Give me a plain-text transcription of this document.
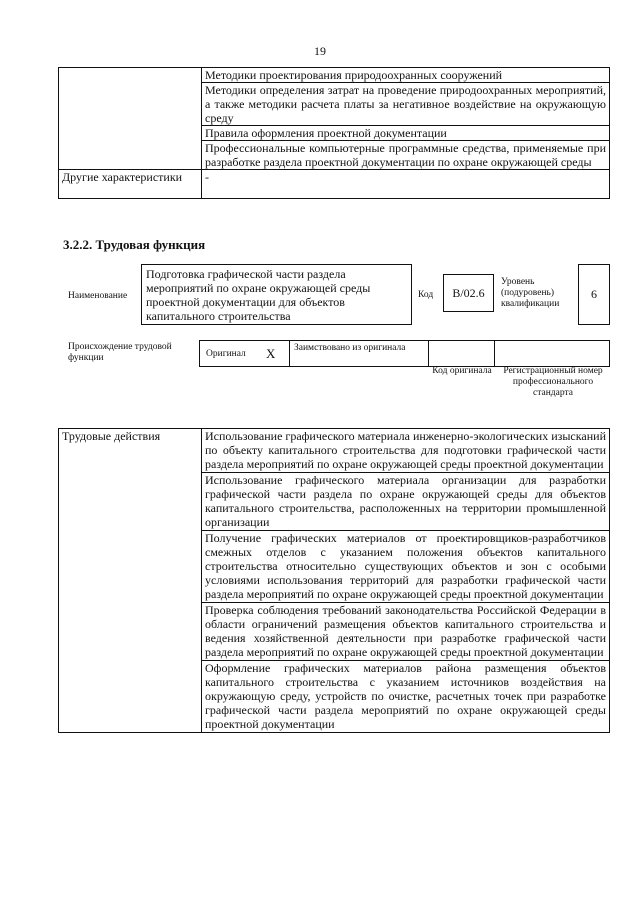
19
	Методики проектирования природоохранных сооружений
	Методики определения затрат на проведение природоохранных мероприятий, а также методики расчета платы за негативное воздействие на окружающую среду
	Правила оформления проектной документации
	Профессиональные компьютерные программные средства, применяемые при разработке раздела проектной документации по охране окружающей среды
Другие характеристики	-
3.2.2. Трудовая функция
Наименование
Подготовка графической части раздела мероприятий по охране окружающей среды проектной документации для объектов капитального строительства
Код	B/02.6
Уровень (подуровень) квалификации
6
Происхождение трудовой функции	Оригинал X Заимствовано из оригинала
Код оригинала	Регистрационный номер профессионального стандарта
Трудовые действия	Использование графического материала инженерно-экологических изысканий по объекту капитального строительства для подготовки графической части раздела мероприятий по охране окружающей среды проектной документации
Использование графического материала организации для разработки графической части раздела по охране окружающей среды для объектов капитального строительства, расположенных на территории промышленной организации
Получение графических материалов от проектировщиков-разработчиков смежных отделов с указанием положения объектов капитального строительства относительно существующих объектов и зон с особыми условиями использования территорий для разработки графической части раздела мероприятий по охране окружающей среды проектной документации
Проверка соблюдения требований законодательства Российской Федерации в области ограничений размещения объектов капитального строительства и ведения хозяйственной деятельности при разработке графической части раздела мероприятий по охране окружающей среды проектной документации
Оформление графических материалов района размещения объектов капитального строительства с указанием источников воздействия на окружающую среду, устройств по очистке, расчетных точек при разработке графической части раздела мероприятий по охране окружающей среды проектной документации
